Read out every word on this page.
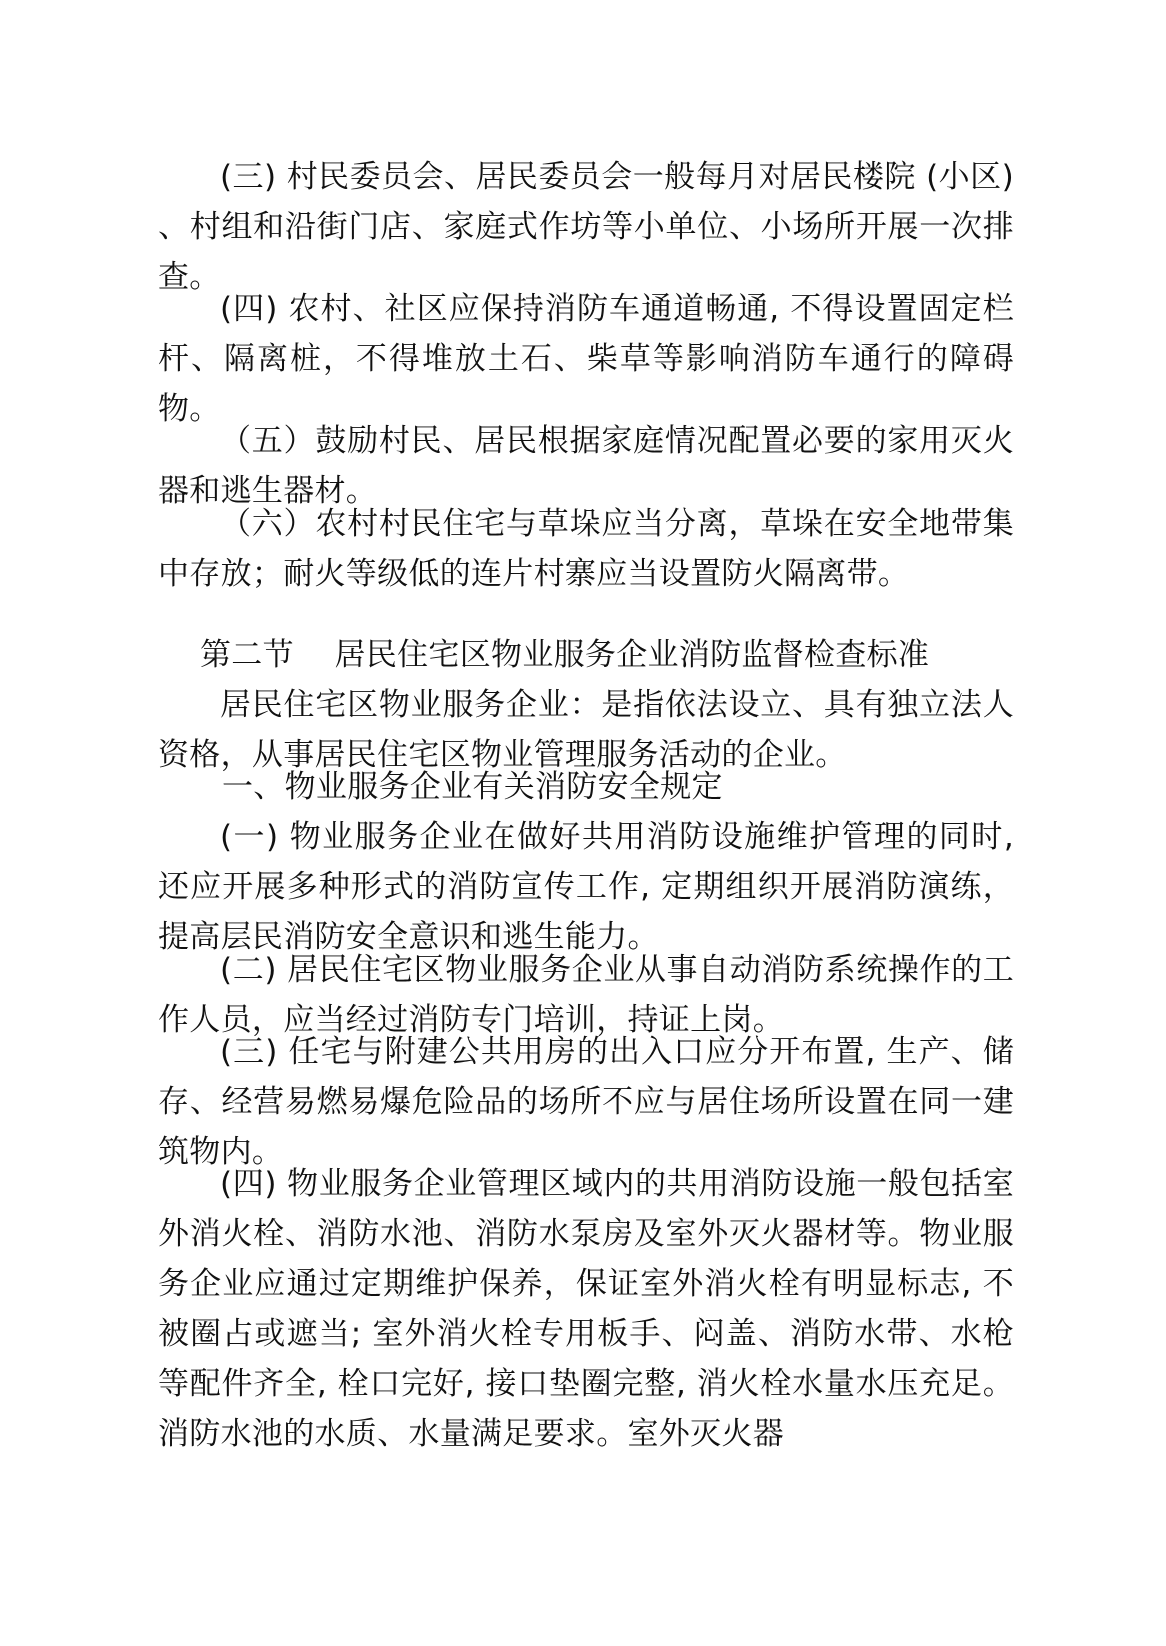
(三) 村民委员会、居民委员会一般每月对居民楼院 (小区) 、村组和沿街门店、家庭式作坊等小单位、小场所开展一次排查。

(四) 农村、社区应保持消防车通道畅通, 不得设置固定栏杆、隔离桩，不得堆放土石、柴草等影响消防车通行的障碍物。

（五）鼓励村民、居民根据家庭情况配置必要的家用灭火器和逃生器材。

（六）农村村民住宅与草垛应当分离，草垛在安全地带集中存放；耐火等级低的连片村寨应当设置防火隔离带。

第二节    居民住宅区物业服务企业消防监督检查标准

居民住宅区物业服务企业：是指依法设立、具有独立法人资格，从事居民住宅区物业管理服务活动的企业。

一、物业服务企业有关消防安全规定

(一) 物业服务企业在做好共用消防设施维护管理的同时, 还应开展多种形式的消防宣传工作, 定期组织开展消防演练，提高层民消防安全意识和逃生能力。

(二) 居民住宅区物业服务企业从事自动消防系统操作的工作人员，应当经过消防专门培训，持证上岗。

(三) 任宅与附建公共用房的出入口应分开布置, 生产、储存、经营易燃易爆危险品的场所不应与居住场所设置在同一建筑物内。

(四) 物业服务企业管理区域内的共用消防设施一般包括室外消火栓、消防水池、消防水泵房及室外灭火器材等。物业服务企业应通过定期维护保养，保证室外消火栓有明显标志, 不被圈占或遮当; 室外消火栓专用板手、闷盖、消防水带、水枪等配件齐全, 栓口完好, 接口垫圈完整, 消火栓水量水压充足。消防水池的水质、水量满足要求。室外灭火器
